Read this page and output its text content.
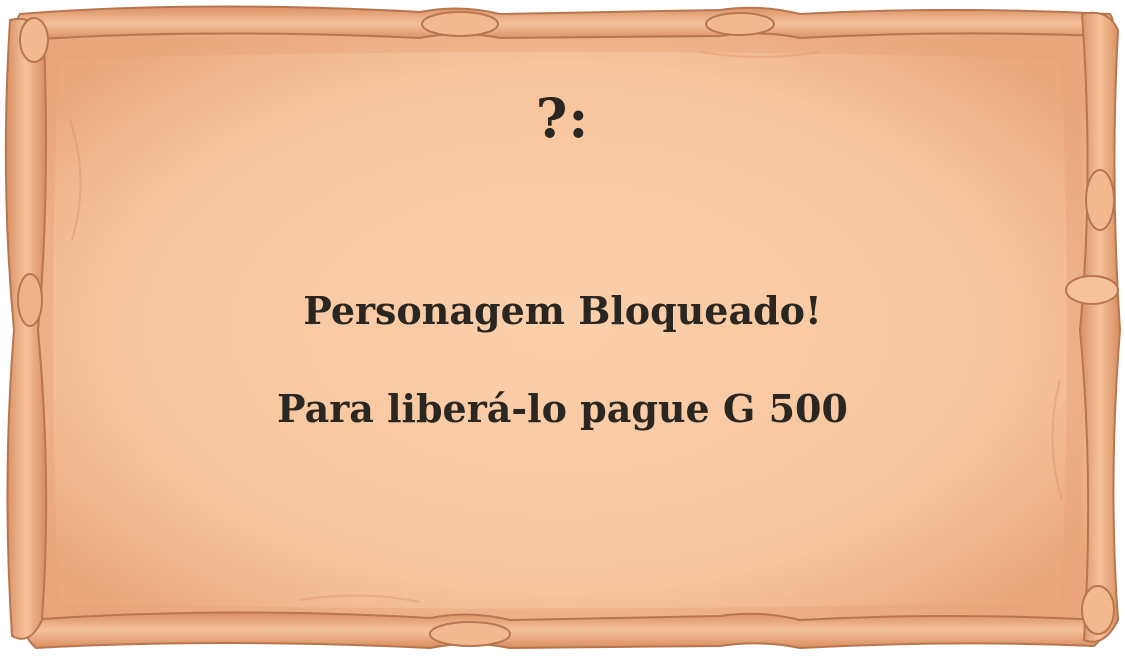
?:
Personagem Bloqueado!
Para liberá-lo pague G 500
